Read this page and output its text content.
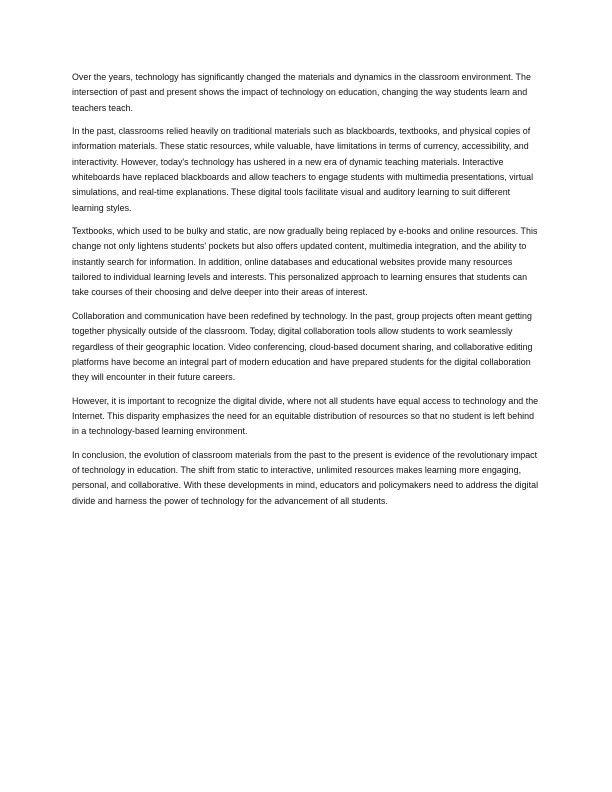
Over the years, technology has significantly changed the materials and dynamics in the classroom environment. The intersection of past and present shows the impact of technology on education, changing the way students learn and teachers teach.

In the past, classrooms relied heavily on traditional materials such as blackboards, textbooks, and physical copies of information materials. These static resources, while valuable, have limitations in terms of currency, accessibility, and interactivity. However, today's technology has ushered in a new era of dynamic teaching materials. Interactive whiteboards have replaced blackboards and allow teachers to engage students with multimedia presentations, virtual simulations, and real-time explanations. These digital tools facilitate visual and auditory learning to suit different learning styles.

Textbooks, which used to be bulky and static, are now gradually being replaced by e-books and online resources. This change not only lightens students' pockets but also offers updated content, multimedia integration, and the ability to instantly search for information. In addition, online databases and educational websites provide many resources tailored to individual learning levels and interests. This personalized approach to learning ensures that students can take courses of their choosing and delve deeper into their areas of interest.

Collaboration and communication have been redefined by technology. In the past, group projects often meant getting together physically outside of the classroom. Today, digital collaboration tools allow students to work seamlessly regardless of their geographic location. Video conferencing, cloud-based document sharing, and collaborative editing platforms have become an integral part of modern education and have prepared students for the digital collaboration they will encounter in their future careers.

However, it is important to recognize the digital divide, where not all students have equal access to technology and the Internet. This disparity emphasizes the need for an equitable distribution of resources so that no student is left behind in a technology-based learning environment.

In conclusion, the evolution of classroom materials from the past to the present is evidence of the revolutionary impact of technology in education. The shift from static to interactive, unlimited resources makes learning more engaging, personal, and collaborative. With these developments in mind, educators and policymakers need to address the digital divide and harness the power of technology for the advancement of all students.
